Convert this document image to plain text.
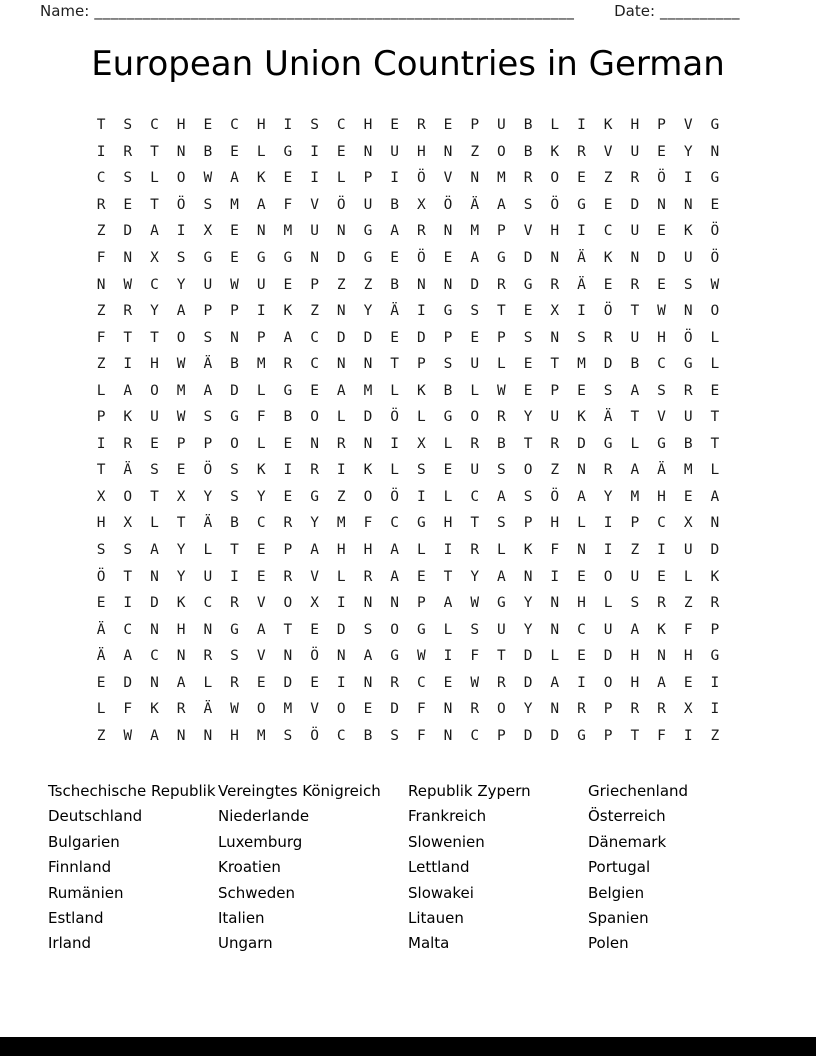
Name: ____________________________________________________________	Date: __________
European Union Countries in German
T	S	C	H	E	C	H	I	S	C	H	E	R	E	P	U	B	L	I	K	H	P	V	G
I	R	T	N	B	E	L	G	I	E	N	U	H	N	Z	O	B	K	R	V	U	E	Y	N
C	S	L	O	W	A	K	E	I	L	P	I	Ö	V	N	M	R	O	E	Z	R	Ö	I	G
R	E	T	Ö	S	M	A	F	V	Ö	U	B	X	Ö	Ä	A	S	Ö	G	E	D	N	N	E
Z	D	A	I	X	E	N	M	U	N	G	A	R	N	M	P	V	H	I	C	U	E	K	Ö
F	N	X	S	G	E	G	G	N	D	G	E	Ö	E	A	G	D	N	Ä	K	N	D	U	Ö
N	W	C	Y	U	W	U	E	P	Z	Z	B	N	N	D	R	G	R	Ä	E	R	E	S	W
Z	R	Y	A	P	P	I	K	Z	N	Y	Ä	I	G	S	T	E	X	I	Ö	T	W	N	O
F	T	T	O	S	N	P	A	C	D	D	E	D	P	E	P	S	N	S	R	U	H	Ö	L
Z	I	H	W	Ä	B	M	R	C	N	N	T	P	S	U	L	E	T	M	D	B	C	G	L
L	A	O	M	A	D	L	G	E	A	M	L	K	B	L	W	E	P	E	S	A	S	R	E
P	K	U	W	S	G	F	B	O	L	D	Ö	L	G	O	R	Y	U	K	Ä	T	V	U	T
I	R	E	P	P	O	L	E	N	R	N	I	X	L	R	B	T	R	D	G	L	G	B	T
T	Ä	S	E	Ö	S	K	I	R	I	K	L	S	E	U	S	O	Z	N	R	A	Ä	M	L
X	O	T	X	Y	S	Y	E	G	Z	O	Ö	I	L	C	A	S	Ö	A	Y	M	H	E	A
H	X	L	T	Ä	B	C	R	Y	M	F	C	G	H	T	S	P	H	L	I	P	C	X	N
S	S	A	Y	L	T	E	P	A	H	H	A	L	I	R	L	K	F	N	I	Z	I	U	D
Ö	T	N	Y	U	I	E	R	V	L	R	A	E	T	Y	A	N	I	E	O	U	E	L	K
E	I	D	K	C	R	V	O	X	I	N	N	P	A	W	G	Y	N	H	L	S	R	Z	R
Ä	C	N	H	N	G	A	T	E	D	S	O	G	L	S	U	Y	N	C	U	A	K	F	P
Ä	A	C	N	R	S	V	N	Ö	N	A	G	W	I	F	T	D	L	E	D	H	N	H	G
E	D	N	A	L	R	E	D	E	I	N	R	C	E	W	R	D	A	I	O	H	A	E	I
L	F	K	R	Ä	W	O	M	V	O	E	D	F	N	R	O	Y	N	R	P	R	R	X	I
Z	W	A	N	N	H	M	S	Ö	C	B	S	F	N	C	P	D	D	G	P	T	F	I	Z
Tschechische Republik
Deutschland
Bulgarien
Finnland
Rumänien
Estland
Irland
Vereingtes Königreich
Niederlande
Luxemburg
Kroatien
Schweden
Italien
Ungarn
Republik Zypern
Frankreich
Slowenien
Lettland
Slowakei
Litauen
Malta
Griechenland
Österreich
Dänemark
Portugal
Belgien
Spanien
Polen
